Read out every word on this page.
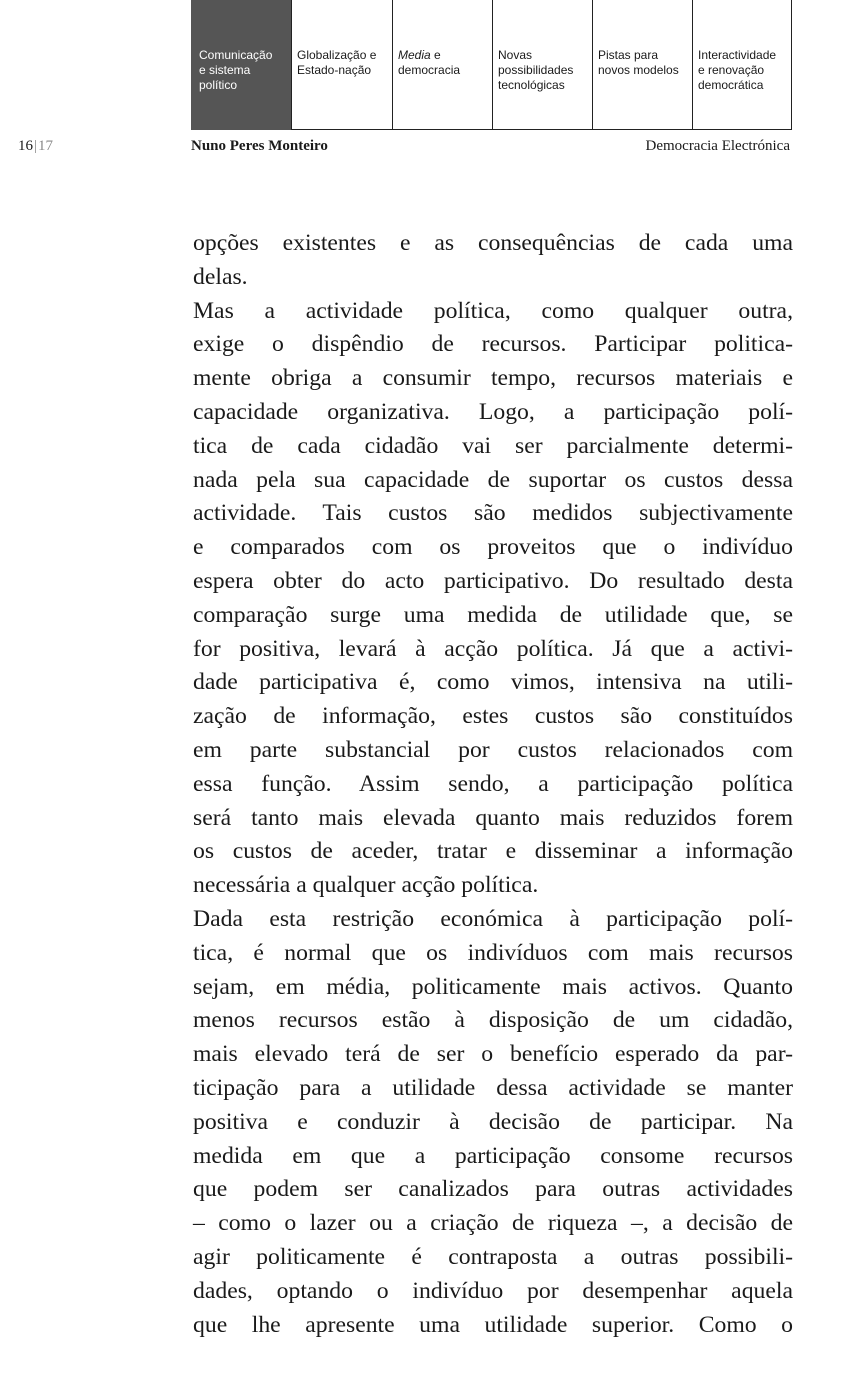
Comunicação
e sistema
político
Globalização e
Estado-nação
Media e
democracia
Novas
possibilidades
tecnológicas
Pistas para
novos modelos
Interactividade
e renovação
democrática
16|17	Nuno Peres Monteiro	Democracia Electrónica
opções existentes e as consequências de cada uma
delas.
Mas a actividade política, como qualquer outra,
exige o dispêndio de recursos. Participar politica-
mente obriga a consumir tempo, recursos materiais e
capacidade organizativa. Logo, a participação polí-
tica de cada cidadão vai ser parcialmente determi-
nada pela sua capacidade de suportar os custos dessa
actividade. Tais custos são medidos subjectivamente
e comparados com os proveitos que o indivíduo
espera obter do acto participativo. Do resultado desta
comparação surge uma medida de utilidade que, se
for positiva, levará à acção política. Já que a activi-
dade participativa é, como vimos, intensiva na utili-
zação de informação, estes custos são constituídos
em parte substancial por custos relacionados com
essa função. Assim sendo, a participação política
será tanto mais elevada quanto mais reduzidos forem
os custos de aceder, tratar e disseminar a informação
necessária a qualquer acção política.
Dada esta restrição económica à participação polí-
tica, é normal que os indivíduos com mais recursos
sejam, em média, politicamente mais activos. Quanto
menos recursos estão à disposição de um cidadão,
mais elevado terá de ser o benefício esperado da par-
ticipação para a utilidade dessa actividade se manter
positiva e conduzir à decisão de participar. Na
medida em que a participação consome recursos
que podem ser canalizados para outras actividades
– como o lazer ou a criação de riqueza –, a decisão de
agir politicamente é contraposta a outras possibili-
dades, optando o indivíduo por desempenhar aquela
que lhe apresente uma utilidade superior. Como o
